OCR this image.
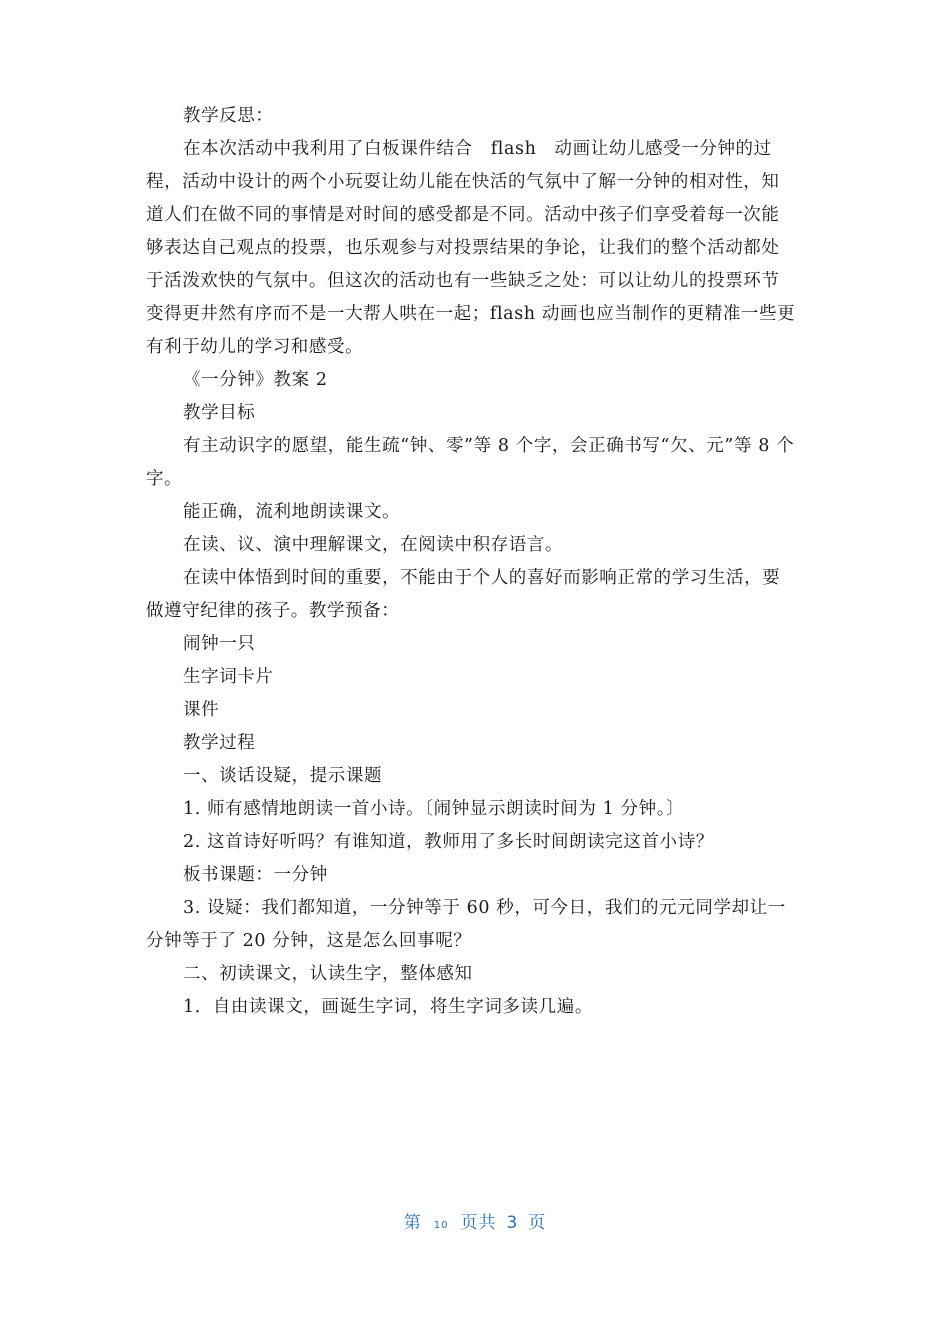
教学反思：

在本次活动中我利用了白板课件结合　flash　动画让幼儿感受一分钟的过程，活动中设计的两个小玩耍让幼儿能在快活的气氛中了解一分钟的相对性，知道人们在做不同的事情是对时间的感受都是不同。活动中孩子们享受着每一次能够表达自己观点的投票，也乐观参与对投票结果的争论，让我们的整个活动都处于活泼欢快的气氛中。但这次的活动也有一些缺乏之处：可以让幼儿的投票环节变得更井然有序而不是一大帮人哄在一起；flash 动画也应当制作的更精准一些更有利于幼儿的学习和感受。

《一分钟》教案 2

教学目标

有主动识字的愿望，能生疏“钟、零”等 8 个字，会正确书写“欠、元”等 8 个字。

能正确，流利地朗读课文。

在读、议、演中理解课文，在阅读中积存语言。

在读中体悟到时间的重要，不能由于个人的喜好而影响正常的学习生活，要做遵守纪律的孩子。教学预备：

闹钟一只

生字词卡片

课件

教学过程

一、谈话设疑，提示课题

1. 师有感情地朗读一首小诗。〔闹钟显示朗读时间为 1 分钟。〕

2. 这首诗好听吗？有谁知道，教师用了多长时间朗读完这首小诗？

板书课题：一分钟

3. 设疑：我们都知道，一分钟等于 60 秒，可今日，我们的元元同学却让一分钟等于了 20 分钟，这是怎么回事呢？

二、初读课文，认读生字，整体感知

1．自由读课文，画诞生字词，将生字词多读几遍。

第 10 页共 3 页
